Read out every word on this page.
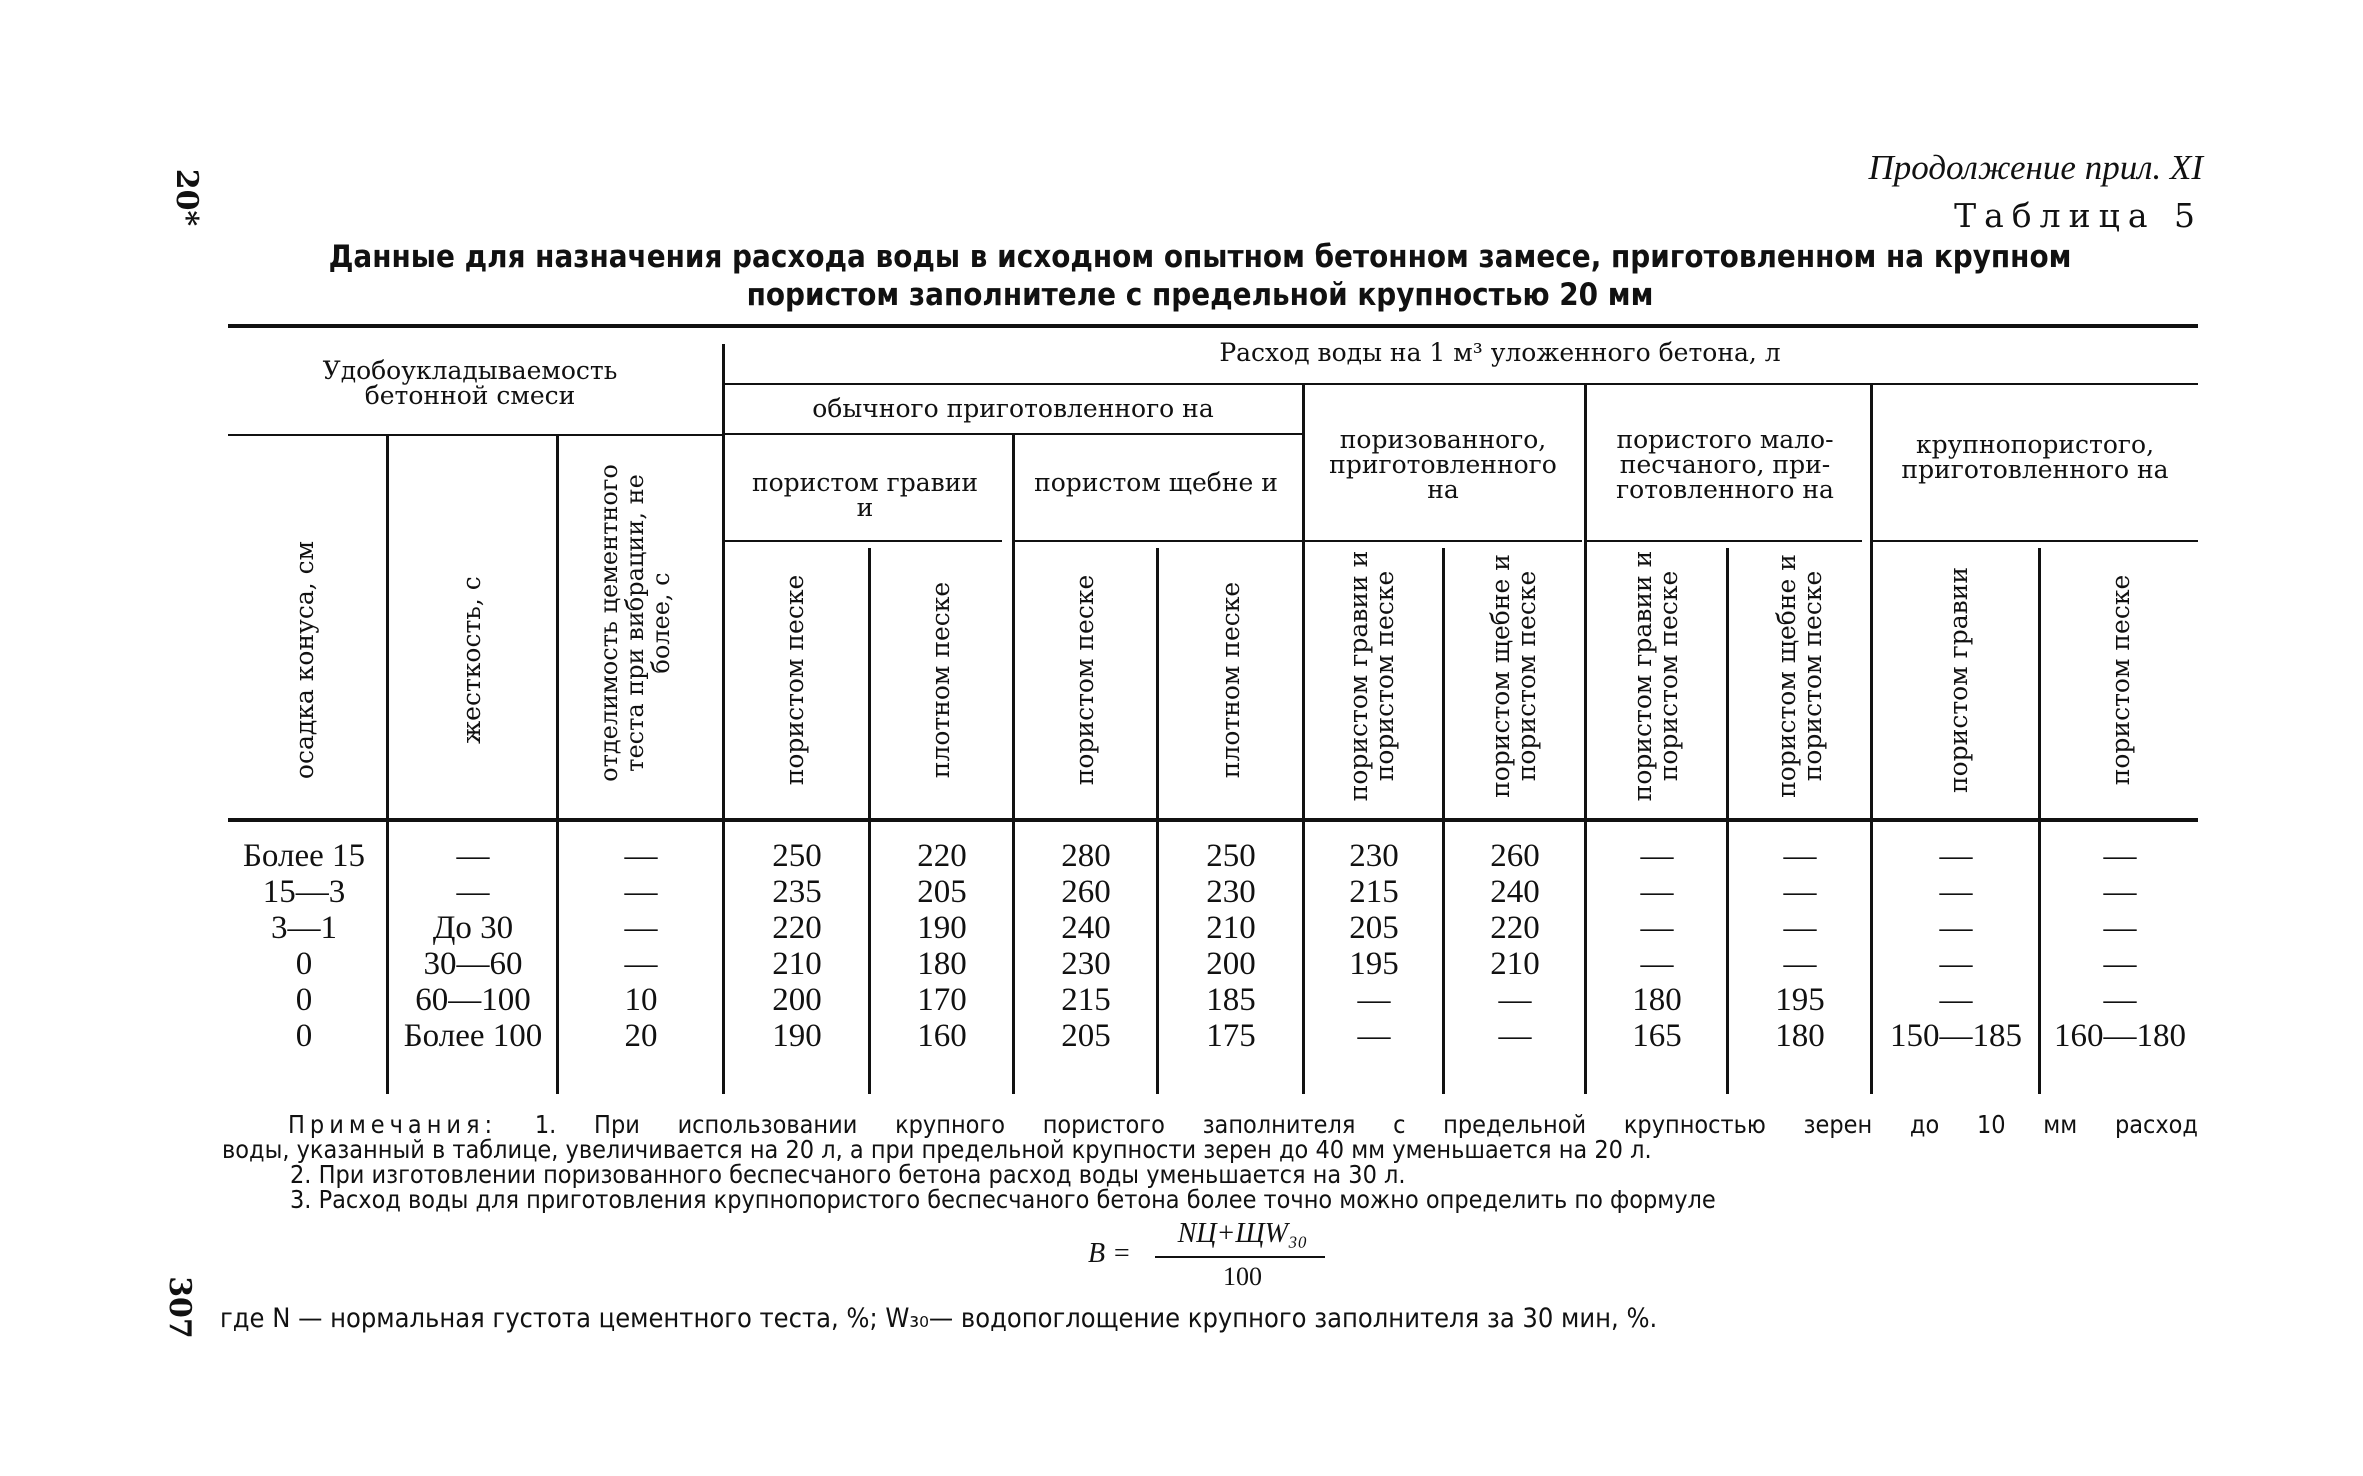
20*
307
Продолжение прил. XI
Таблица 5
Данные для назначения расхода воды в исходном опытном бетонном замесе, приготовленном на крупном
пористом заполнителе с предельной крупностью 20 мм
Удобоукладываемость бетонной смеси
Расход воды на 1 м³ уложенного бетона, л
обычного приготовленного на
пористом гравии и
пористом щебне и
поризованного, приготовленного на
пористого мало-песчаного, при-готовленного на
крупнопористого, приготовленного на
осадка конуса, см	жесткость, с	отделимость цементного теста при вибрации, не более, с	пористом песке	плотном песке	пористом песке	плотном песке	пористом гравии и пористом песке	пористом щебне и пористом песке	пористом гравии и пористом песке	пористом щебне и пористом песке	пористом гравии	пористом песке
Более 15	—	—	250	220	280	250	230	260	—	—	—	—
15—3	—	—	235	205	260	230	215	240	—	—	—	—
3—1	До 30	—	220	190	240	210	205	220	—	—	—	—
0	30—60	—	210	180	230	200	195	210	—	—	—	—
0	60—100	10	200	170	215	185	—	—	180	195	—	—
0	Более 100	20	190	160	205	175	—	—	165	180	150—185 160—180
Примечания: 1. При использовании крупного пористого заполнителя с предельной крупностью зерен до 10 мм расход
воды, указанный в таблице, увеличивается на 20 л, а при предельной крупности зерен до 40 мм уменьшается на 20 л.
2. При изготовлении поризованного беспесчаного бетона расход воды уменьшается на 30 л.
3. Расход воды для приготовления крупнопористого беспесчаного бетона более точно можно определить по формуле
В =
NЦ+ЩW₃₀
100
где N — нормальная густота цементного теста, %; W₃₀— водопоглощение крупного заполнителя за 30 мин, %.
